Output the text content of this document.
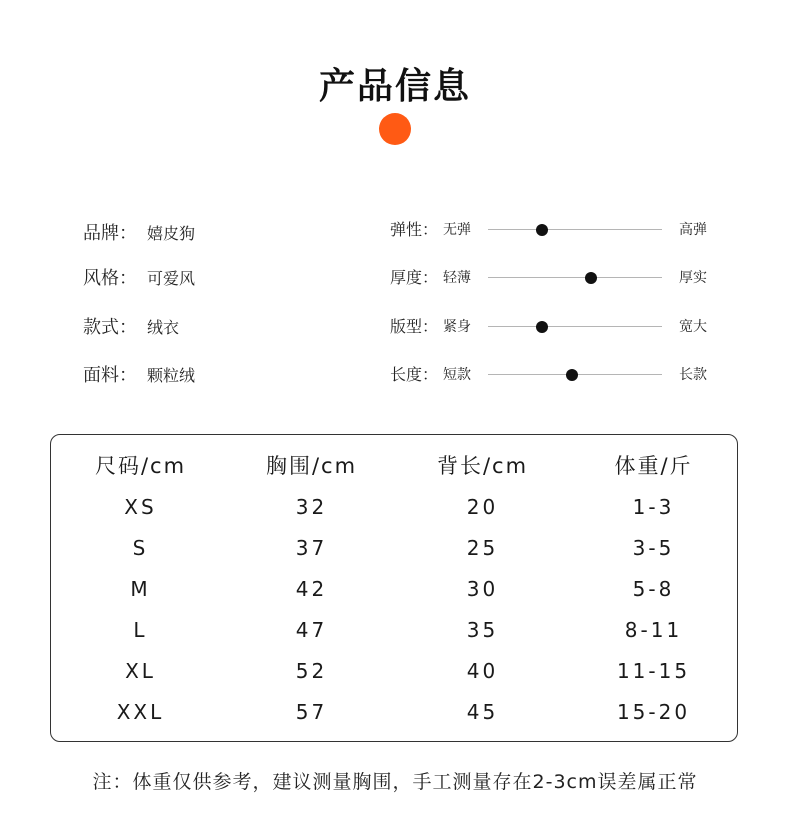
产品信息
品牌： 嬉皮狗
风格： 可爱风
款式： 绒衣
面料： 颗粒绒
弹性： 无弹	高弹
厚度： 轻薄	厚实
版型： 紧身	宽大
长度： 短款	长款
尺码/cm	胸围/cm	背长/cm	体重/斤
XS	32	20	1-3
S	37	25	3-5
M	42	30	5-8
L	47	35	8-11
XL	52	40	11-15
XXL	57	45	15-20
注：体重仅供参考，建议测量胸围，手工测量存在2-3cm误差属正常
